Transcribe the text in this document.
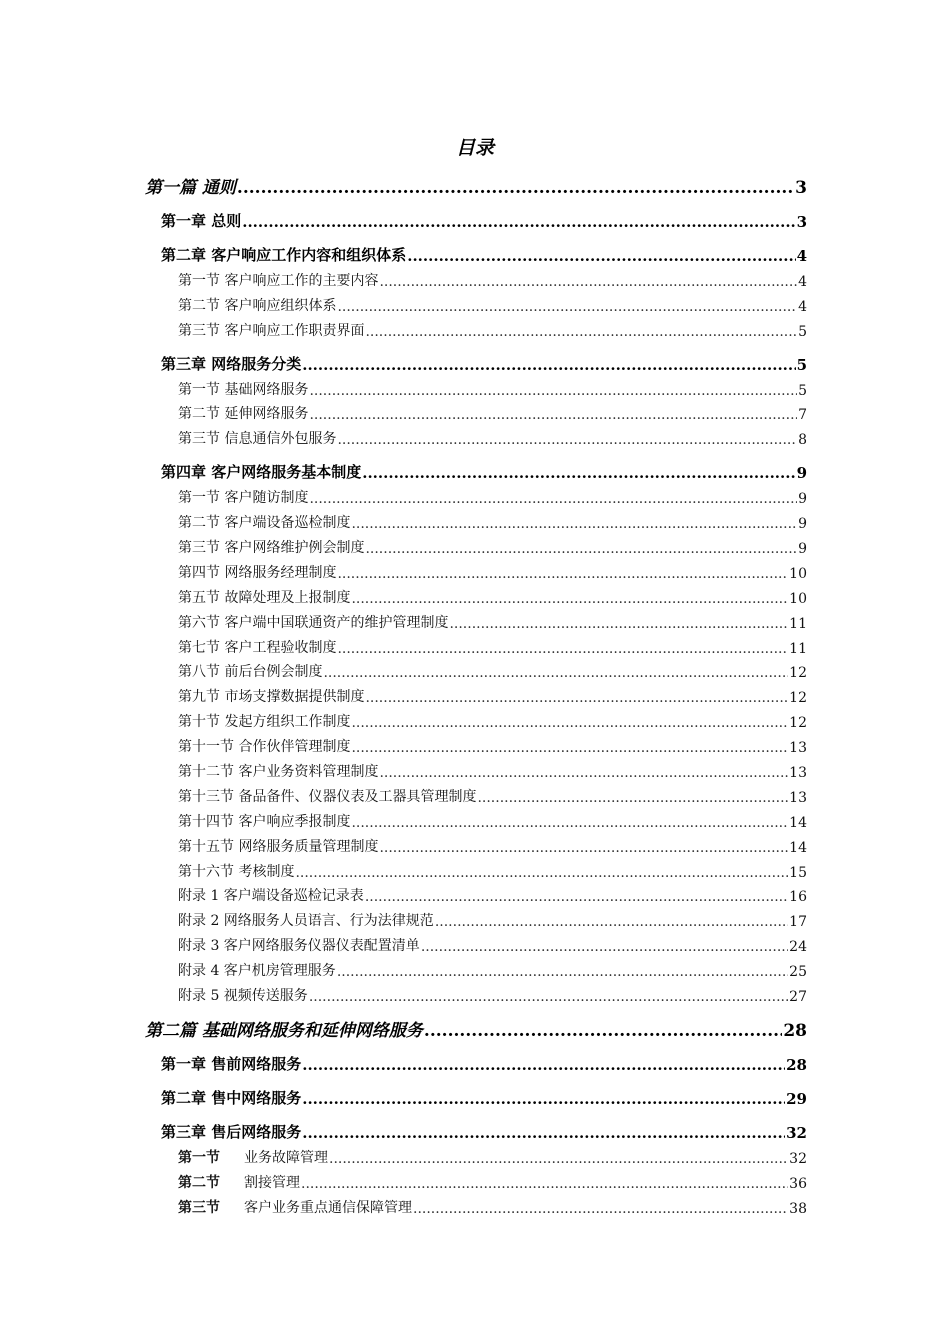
目录
第一篇 通则 .....	3
第一章 总则 .....	3
第二章 客户响应工作内容和组织体系 .....	4
第一节 客户响应工作的主要内容 .....	4
第二节 客户响应组织体系 .....	4
第三节 客户响应工作职责界面 .....	5
第三章 网络服务分类 .....	5
第一节 基础网络服务 .....	5
第二节 延伸网络服务 .....	7
第三节 信息通信外包服务 .....	8
第四章 客户网络服务基本制度 .....	9
第一节 客户随访制度 .....	9
第二节 客户端设备巡检制度 .....	9
第三节 客户网络维护例会制度 .....	9
第四节 网络服务经理制度 .....	10
第五节 故障处理及上报制度 .....	10
第六节 客户端中国联通资产的维护管理制度 .....	11
第七节 客户工程验收制度 .....	11
第八节 前后台例会制度 .....	12
第九节 市场支撑数据提供制度 .....	12
第十节 发起方组织工作制度 .....	12
第十一节 合作伙伴管理制度 .....	13
第十二节 客户业务资料管理制度 .....	13
第十三节 备品备件、仪器仪表及工器具管理制度 .....	13
第十四节 客户响应季报制度 .....	14
第十五节 网络服务质量管理制度 .....	14
第十六节 考核制度 .....	15
附录 1 客户端设备巡检记录表 .....	16
附录 2 网络服务人员语言、行为法律规范 .....	17
附录 3 客户网络服务仪器仪表配置清单 .....	24
附录 4 客户机房管理服务 .....	25
附录 5 视频传送服务 .....	27
第二篇 基础网络服务和延伸网络服务 .....	28
第一章 售前网络服务 .....	28
第二章 售中网络服务 .....	29
第三章 售后网络服务 .....	32
第一节 业务故障管理 .....	32
第二节 割接管理 .....	36
第三节 客户业务重点通信保障管理 .....	38
